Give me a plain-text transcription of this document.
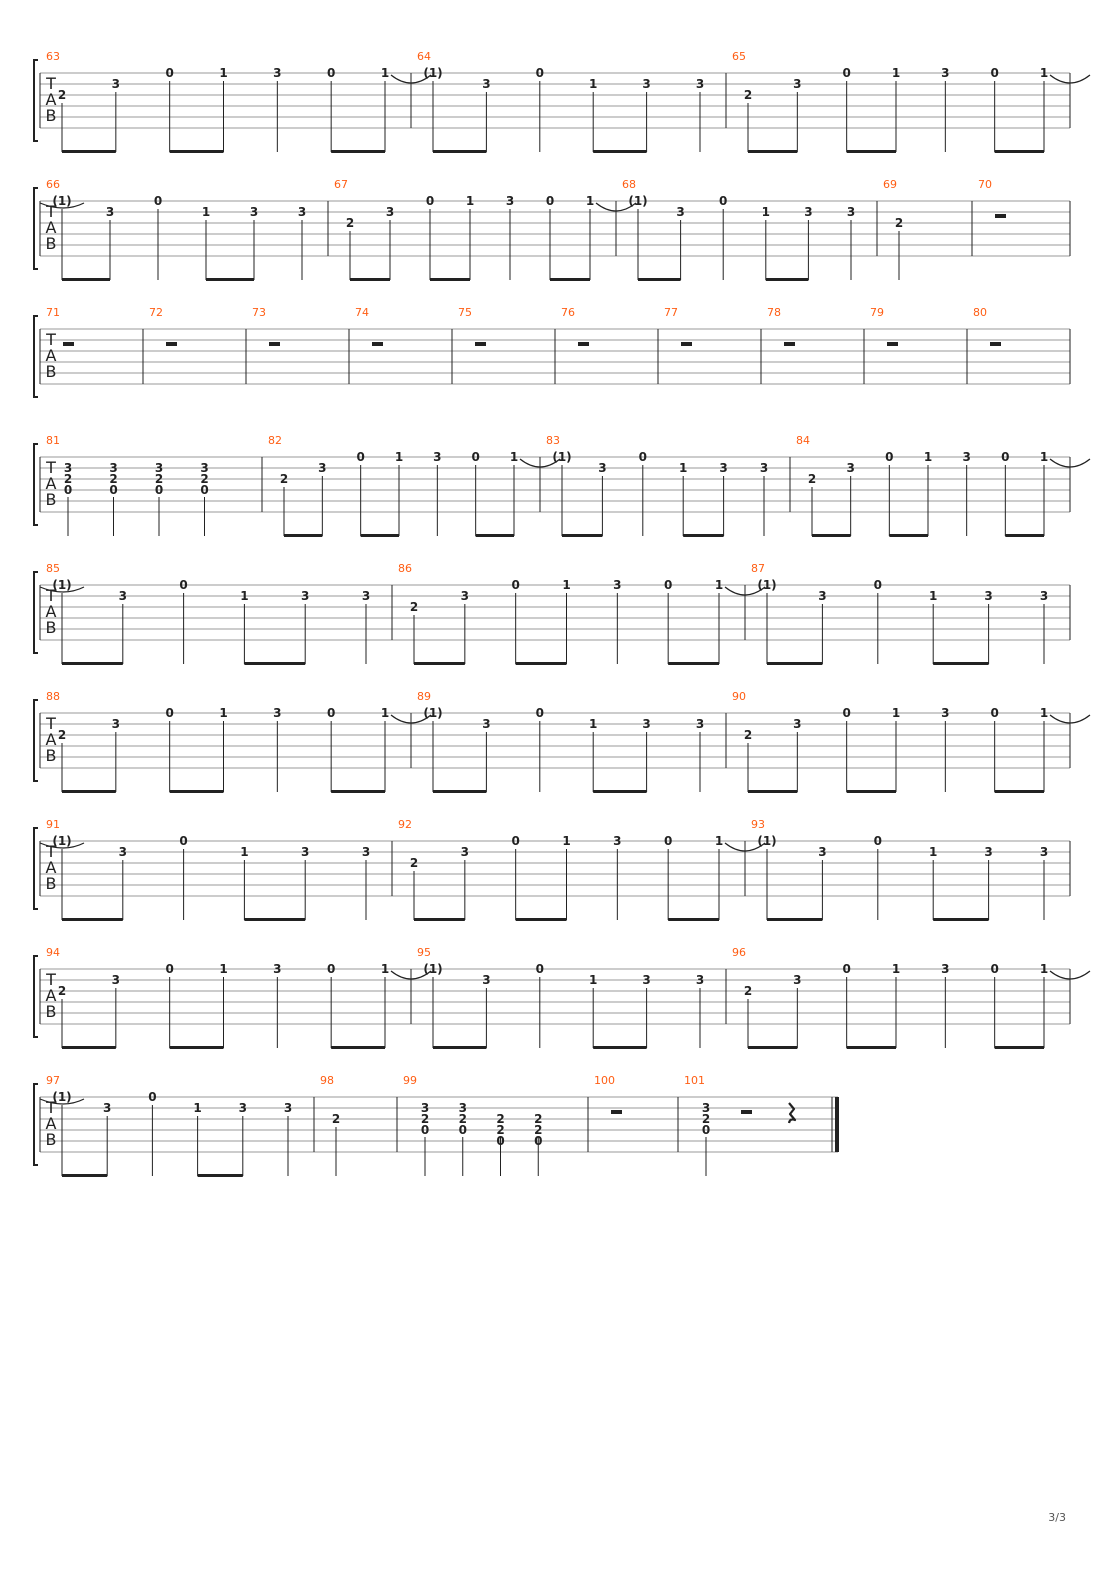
T
A
B
63
2
3
0	1	3	0	1
64
(1)
3
0
1	3	3
65
2
3
0	1	3	0	1
T
A
B
66
(1)
3
0
1	3	3
67
2
3
0	1	3	0	1
68
(1)
3
0
1	3	3
69
2
70
T
A
B
71	72	73	74	75	76	77	78	79	80
T
A
B
81
3
2
0
3
2
0
3
2
0
3
2
0
82
2
3
0 1 3 0 1
83
(1)
3
0
1	3	3
84
2
3
0	1	3	0	1
T
A
B
85
(1)
3
0
1	3	3
86
2
3
0	1	3	0	1
87
(1)
3
0
1	3	3
T
A
B
88
2
3
0	1	3	0	1
89
(1)
3
0
1	3	3
90
2
3
0	1	3	0	1
T
A
B
91
(1)
3
0
1	3	3
92
2
3
0	1	3	0	1
93
(1)
3
0
1	3	3
T
A
B
94
2
3
0	1	3	0	1
95
(1)
3
0
1	3	3
96
2
3
0	1	3	0	1
T
A
B
97
(1)
3
0
1	3	3
98
2
99
3
2
0
3
2
0
2
2
0
2
2
0
100	101
3
2
0
3/3
